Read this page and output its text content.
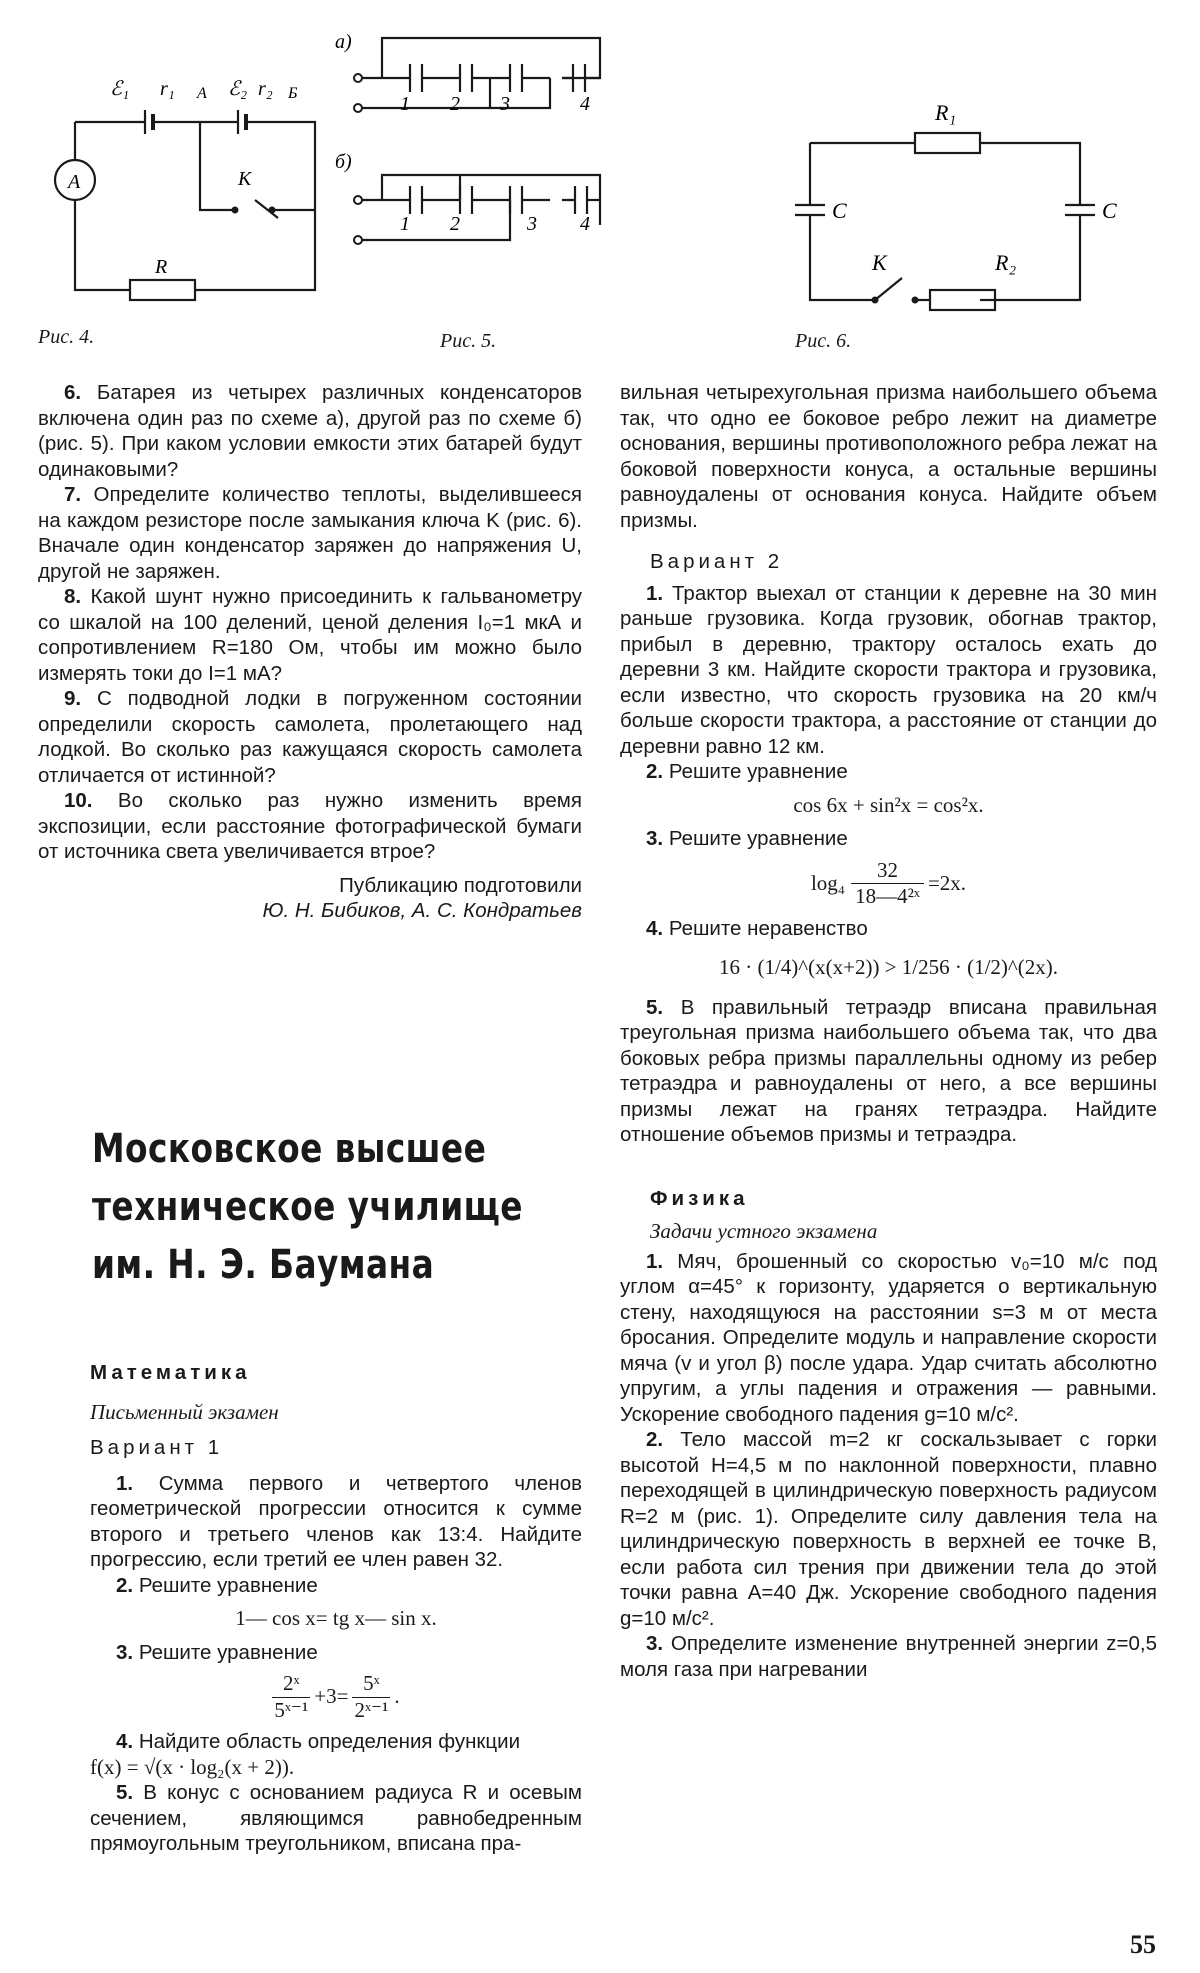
ℰ₁ r₁ А ℰ₂ r₂ Б
К
A
R
Рис. 4.
а)
б)
1 2 3	4
1 2	3 4
Рис. 5.
R₁
C	C
К	R₂
Рис. 6.

6. Батарея из четырех различных конденсаторов включена один раз по схеме а), другой раз по схеме б) (рис. 5). При каком условии емкости этих батарей будут одинаковыми?

7. Определите количество теплоты, выделившееся на каждом резисторе после замыкания ключа K (рис. 6). Вначале один конденсатор заряжен до напряжения U, другой не заряжен.

8. Какой шунт нужно присоединить к гальванометру со шкалой на 100 делений, ценой деления I₀=1 мкА и сопротивлением R=180 Ом, чтобы им можно было измерять токи до I=1 мА?

9. С подводной лодки в погруженном состоянии определили скорость самолета, пролетающего над лодкой. Во сколько раз кажущаяся скорость самолета отличается от истинной?

10. Во сколько раз нужно изменить время экспозиции, если расстояние фотографической бумаги от источника света увеличивается втрое?

Публикацию подготовили

Ю. Н. Бибиков, А. С. Кондратьев

Московское высшее
техническое училище
им. Н. Э. Баумана
Математика
Письменный экзамен
Вариант 1

1. Сумма первого и четвертого членов геометрической прогрессии относится к сумме второго и третьего членов как 13:4. Найдите прогрессию, если третий ее член равен 32.

2. Решите уравнение

1— cos x= tg x— sin x.

3. Решите уравнение

$\frac{\text{2ˣ}}{\text{5ˣ⁻¹}} +3= \frac{\text{5ˣ}}{\text{2ˣ⁻¹}}$ .

4. Найдите область определения функции

f(x) = √(x · log₂(x + 2)).

5. В конус с основанием радиуса R и осевым сечением, являющимся равнобедренным прямоугольным треугольником, вписана пра-

вильная четырехугольная призма наибольшего объема так, что одно ее боковое ребро лежит на диаметре основания, вершины противоположного ребра лежат на боковой поверхности конуса, а остальные вершины равноудалены от основания конуса. Найдите объем призмы.

Вариант 2

1. Трактор выехал от станции к деревне на 30 мин раньше грузовика. Когда грузовик, обогнав трактор, прибыл в деревню, трактору осталось ехать до деревни 3 км. Найдите скорости трактора и грузовика, если известно, что скорость грузовика на 20 км/ч больше скорости трактора, а расстояние от станции до деревни равно 12 км.

2. Решите уравнение

cos 6x + sin²x = cos²x.

3. Решите уравнение

$\log_4 \frac{32}{\text{18—4²ˣ}} =2x$.

4. Решите неравенство

16 · (1/4)^(x(x+2)) > 1/256 · (1/2)^(2x).

5. В правильный тетраэдр вписана правильная треугольная призма наибольшего объема так, что два боковых ребра призмы параллельны одному из ребер тетраэдра и равноудалены от него, а все вершины призмы лежат на гранях тетраэдра. Найдите отношение объемов призмы и тетраэдра.

Физика
Задачи устного экзамена

1. Мяч, брошенный со скоростью v₀=10 м/с под углом α=45° к горизонту, ударяется о вертикальную стену, находящуюся на расстоянии s=3 м от места бросания. Определите модуль и направление скорости мяча (v и угол β) после удара. Удар считать абсолютно упругим, а углы падения и отражения — равными. Ускорение свободного падения g=10 м/с².

2. Тело массой m=2 кг соскальзывает с горки высотой H=4,5 м по наклонной поверхности, плавно переходящей в цилиндрическую поверхность радиусом R=2 м (рис. 1). Определите силу давления тела на цилиндрическую поверхность в верхней ее точке B, если работа сил трения при движении тела до этой точки равна A=40 Дж. Ускорение свободного падения g=10 м/с².

3. Определите изменение внутренней энергии z=0,5 моля газа при нагревании

55
